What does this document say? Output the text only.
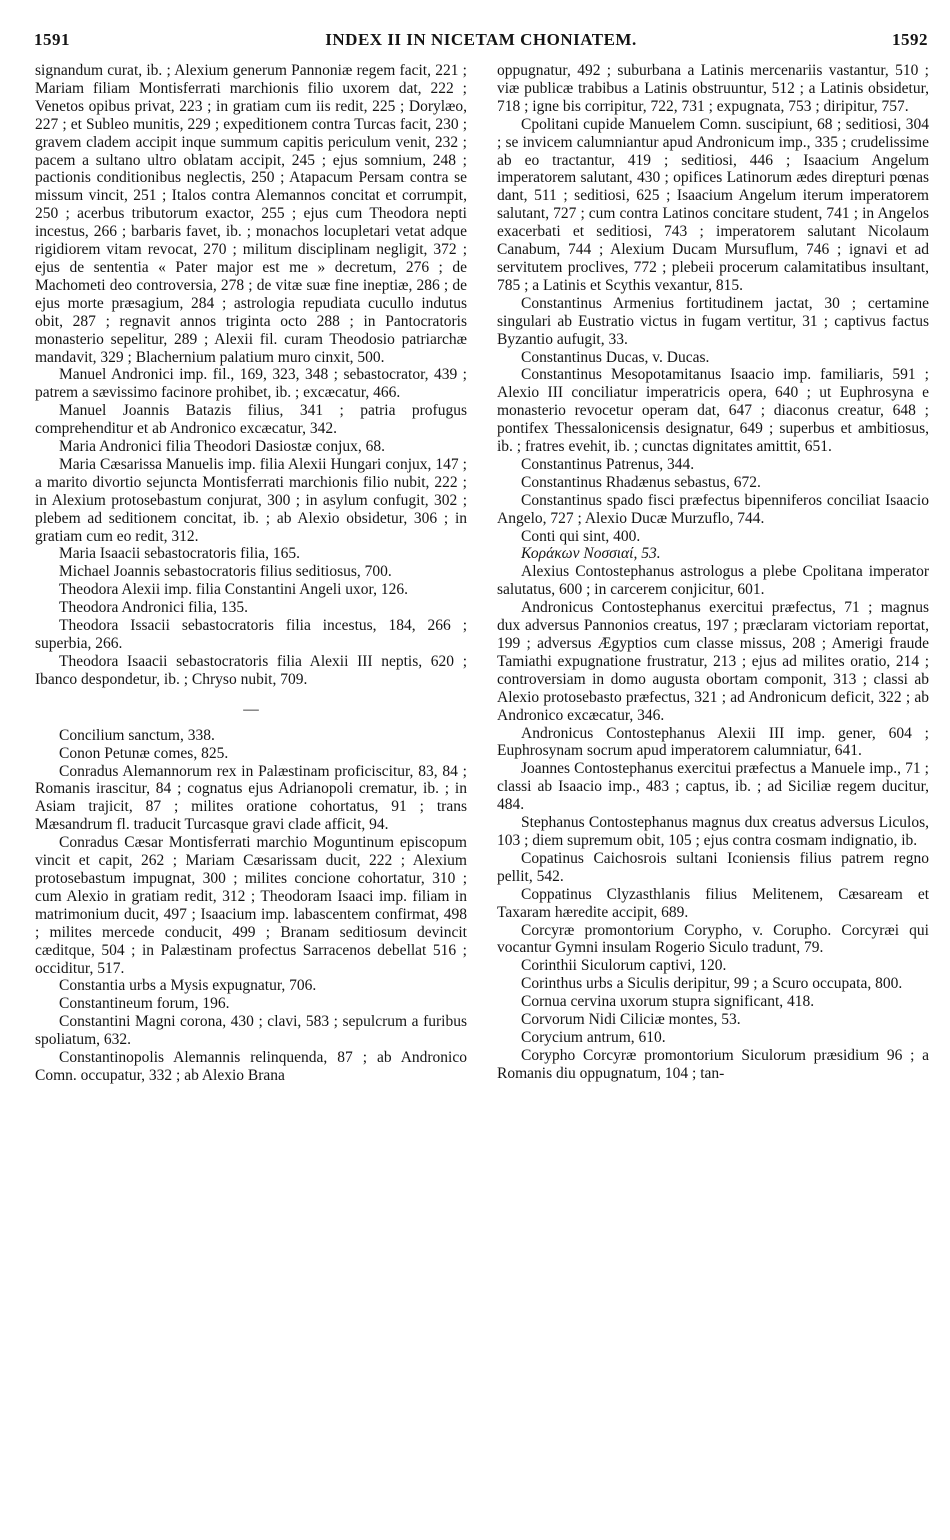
1591	INDEX II IN NICETAM CHONIATEM.	1592

signandum curat, ib. ; Alexium generum Pannoniæ regem facit, 221 ; Mariam filiam Montisferrati marchionis filio uxorem dat, 222 ; Venetos opibus privat, 223 ; in gratiam cum iis redit, 225 ; Dorylæo, 227 ; et Subleo munitis, 229 ; expeditionem contra Turcas facit, 230 ; gravem cladem accipit inque summum capitis periculum venit, 232 ; pacem a sultano ultro oblatam accipit, 245 ; ejus somnium, 248 ; pactionis conditionibus neglectis, 250 ; Atapacum Persam contra se missum vincit, 251 ; Italos contra Alemannos concitat et corrumpit, 250 ; acerbus tributorum exactor, 255 ; ejus cum Theodora nepti incestus, 266 ; barbaris favet, ib. ; monachos locupletari vetat adque rigidiorem vitam revocat, 270 ; militum disciplinam negligit, 372 ; ejus de sententia « Pater major est me » decretum, 276 ; de Machometi deo controversia, 278 ; de vitæ suæ fine ineptiæ, 286 ; de ejus morte præsagium, 284 ; astrologia repudiata cucullo indutus obit, 287 ; regnavit annos triginta octo 288 ; in Pantocratoris monasterio sepelitur, 289 ; Alexii fil. curam Theodosio patriarchæ mandavit, 329 ; Blachernium palatium muro cinxit, 500.

Manuel Andronici imp. fil., 169, 323, 348 ; sebastocrator, 439 ; patrem a sævissimo facinore prohibet, ib. ; excæcatur, 466.

Manuel Joannis Batazis filius, 341 ; patria profugus comprehenditur et ab Andronico excæcatur, 342.

Maria Andronici filia Theodori Dasiostæ conjux, 68.

Maria Cæsarissa Manuelis imp. filia Alexii Hungari conjux, 147 ; a marito divortio sejuncta Montisferrati marchionis filio nubit, 222 ; in Alexium protosebastum conjurat, 300 ; in asylum confugit, 302 ; plebem ad seditionem concitat, ib. ; ab Alexio obsidetur, 306 ; in gratiam cum eo redit, 312.

Maria Isaacii sebastocratoris filia, 165.

Michael Joannis sebastocratoris filius seditiosus, 700.

Theodora Alexii imp. filia Constantini Angeli uxor, 126.

Theodora Andronici filia, 135.

Theodora Issacii sebastocratoris filia incestus, 184, 266 ; superbia, 266.

Theodora Isaacii sebastocratoris filia Alexii III neptis, 620 ; Ibanco despondetur, ib. ; Chryso nubit, 709.

—

Concilium sanctum, 338.

Conon Petunæ comes, 825.

Conradus Alemannorum rex in Palæstinam proficiscitur, 83, 84 ; Romanis irascitur, 84 ; cognatus ejus Adrianopoli crematur, ib. ; in Asiam trajicit, 87 ; milites oratione cohortatus, 91 ; trans Mæsandrum fl. traducit Turcasque gravi clade afficit, 94.

Conradus Cæsar Montisferrati marchio Moguntinum episcopum vincit et capit, 262 ; Mariam Cæsarissam ducit, 222 ; Alexium protosebastum impugnat, 300 ; milites concione cohortatur, 310 ; cum Alexio in gratiam redit, 312 ; Theodoram Isaaci imp. filiam in matrimonium ducit, 497 ; Isaacium imp. labascentem confirmat, 498 ; milites mercede conducit, 499 ; Branam seditiosum devincit cæditque, 504 ; in Palæstinam profectus Sarracenos debellat 516 ; occiditur, 517.

Constantia urbs a Mysis expugnatur, 706.

Constantineum forum, 196.

Constantini Magni corona, 430 ; clavi, 583 ; sepulcrum a furibus spoliatum, 632.

Constantinopolis Alemannis relinquenda, 87 ; ab Andronico Comn. occupatur, 332 ; ab Alexio Brana

oppugnatur, 492 ; suburbana a Latinis mercenariis vastantur, 510 ; viæ publicæ trabibus a Latinis obstruuntur, 512 ; a Latinis obsidetur, 718 ; igne bis corripitur, 722, 731 ; expugnata, 753 ; diripitur, 757.

Cpolitani cupide Manuelem Comn. suscipiunt, 68 ; seditiosi, 304 ; se invicem calumniantur apud Andronicum imp., 335 ; crudelissime ab eo tractantur, 419 ; seditiosi, 446 ; Isaacium Angelum imperatorem salutant, 430 ; opifices Latinorum ædes direpturi pœnas dant, 511 ; seditiosi, 625 ; Isaacium Angelum iterum imperatorem salutant, 727 ; cum contra Latinos concitare student, 741 ; in Angelos exacerbati et seditiosi, 743 ; imperatorem salutant Nicolaum Canabum, 744 ; Alexium Ducam Mursuflum, 746 ; ignavi et ad servitutem proclives, 772 ; plebeii procerum calamitatibus insultant, 785 ; a Latinis et Scythis vexantur, 815.

Constantinus Armenius fortitudinem jactat, 30 ; certamine singulari ab Eustratio victus in fugam vertitur, 31 ; captivus factus Byzantio aufugit, 33.

Constantinus Ducas, v. Ducas.

Constantinus Mesopotamitanus Isaacio imp. familiaris, 591 ; Alexio III conciliatur imperatricis opera, 640 ; ut Euphrosyna e monasterio revocetur operam dat, 647 ; diaconus creatur, 648 ; pontifex Thessalonicensis designatur, 649 ; superbus et ambitiosus, ib. ; fratres evehit, ib. ; cunctas dignitates amittit, 651.

Constantinus Patrenus, 344.

Constantinus Rhadænus sebastus, 672.

Constantinus spado fisci præfectus bipenniferos conciliat Isaacio Angelo, 727 ; Alexio Ducæ Murzuflo, 744.

Conti qui sint, 400.

Κοράκων Νοσσιαί, 53.

Alexius Contostephanus astrologus a plebe Cpolitana imperator salutatus, 600 ; in carcerem conjicitur, 601.

Andronicus Contostephanus exercitui præfectus, 71 ; magnus dux adversus Pannonios creatus, 197 ; præclaram victoriam reportat, 199 ; adversus Ægyptios cum classe missus, 208 ; Amerigi fraude Tamiathi expugnatione frustratur, 213 ; ejus ad milites oratio, 214 ; controversiam in domo augusta obortam componit, 313 ; classi ab Alexio protosebasto præfectus, 321 ; ad Andronicum deficit, 322 ; ab Andronico excæcatur, 346.

Andronicus Contostephanus Alexii III imp. gener, 604 ; Euphrosynam socrum apud imperatorem calumniatur, 641.

Joannes Contostephanus exercitui præfectus a Manuele imp., 71 ; classi ab Isaacio imp., 483 ; captus, ib. ; ad Siciliæ regem ducitur, 484.

Stephanus Contostephanus magnus dux creatus adversus Liculos, 103 ; diem supremum obit, 105 ; ejus contra cosmam indignatio, ib.

Copatinus Caichosrois sultani Iconiensis filius patrem regno pellit, 542.

Coppatinus Clyzasthlanis filius Melitenem, Cæsaream et Taxaram hæredite accipit, 689.

Corcyræ promontorium Corypho, v. Corupho. Corcyræi qui vocantur Gymni insulam Rogerio Siculo tradunt, 79.

Corinthii Siculorum captivi, 120.

Corinthus urbs a Siculis deripitur, 99 ; a Scuro occupata, 800.

Cornua cervina uxorum stupra significant, 418.

Corvorum Nidi Ciliciæ montes, 53.

Corycium antrum, 610.

Corypho Corcyræ promontorium Siculorum præsidium 96 ; a Romanis diu oppugnatum, 104 ; tan-
